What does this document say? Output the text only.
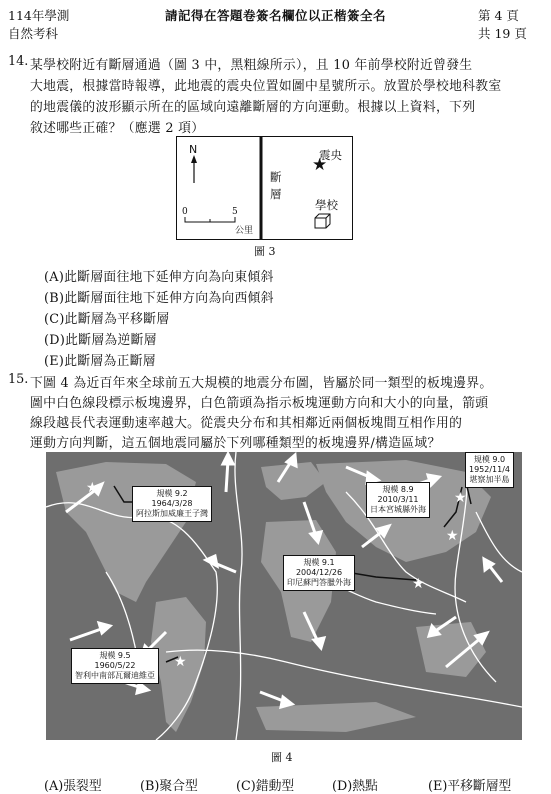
114年學測
自然考科
請記得在答題卷簽名欄位以正楷簽全名	第 4 頁
共 19 頁
14. 某學校附近有斷層通過（圖 3 中，黑粗線所示），且 10 年前學校附近曾發生
大地震，根據當時報導，此地震的震央位置如圖中星號所示。放置於學校地科教室
的地震儀的波形顯示所在的區域向遠離斷層的方向運動。根據以上資料，下列
敘述哪些正確？（應選 2 項）
N
斷層
震央
★
學校
0	5
公里
圖 3
(A)此斷層面往地下延伸方向為向東傾斜
(B)此斷層面往地下延伸方向為向西傾斜
(C)此斷層為平移斷層
(D)此斷層為逆斷層
(E)此斷層為正斷層
15. 下圖 4 為近百年來全球前五大規模的地震分布圖，皆屬於同一類型的板塊邊界。
圖中白色線段標示板塊邊界，白色箭頭為指示板塊運動方向和大小的向量，箭頭
線段越長代表運動速率越大。從震央分布和其相鄰近兩個板塊間互相作用的
運動方向判斷，這五個地震同屬於下列哪種類型的板塊邊界/構造區域？
★
★
★
★
★
規模 9.0
1952/11/4
堪察加半島
規模 9.2
1964/3/28
阿拉斯加威廉王子灣
規模 8.9
2010/3/11
日本宮城縣外海
規模 9.1
2004/12/26
印尼蘇門答臘外海
規模 9.5
1960/5/22
智利中南部瓦爾迪維亞
圖 4
(A)張裂型	(B)聚合型	(C)錯動型	(D)熱點	(E)平移斷層型
